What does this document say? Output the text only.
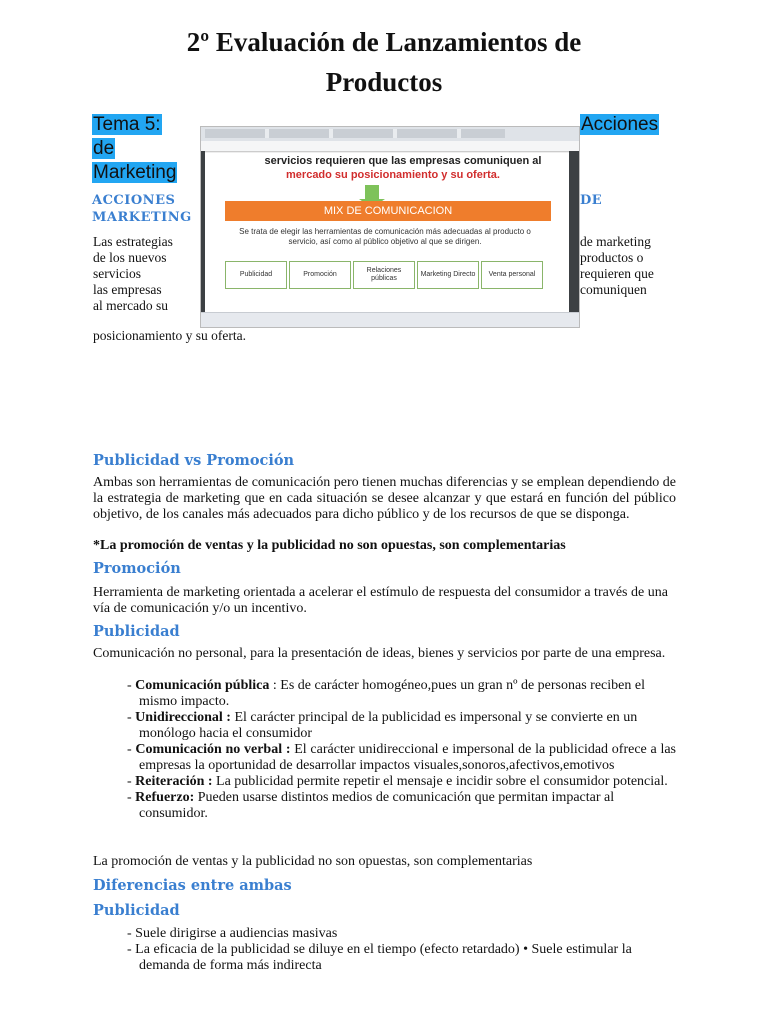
2º Evaluación de Lanzamientos de
Productos
Tema 5:
de
Marketing
Acciones
ACCIONES
MARKETING
DE
Las estrategias
de los nuevos
servicios
las empresas
al mercado su
de marketing
productos o
requieren que
comuniquen
posicionamiento y su oferta.
servicios requieren que las empresas comuniquen al
mercado su posicionamiento y su oferta.
MIX DE COMUNICACION
Se trata de elegir las herramientas de comunicación más adecuadas al producto o servicio, así como al público objetivo al que se dirigen.
Publicidad	Promoción
Relaciones públicas
Marketing Directo	Venta personal
Publicidad vs Promoción
Ambas son herramientas de comunicación pero tienen muchas diferencias y se emplean dependiendo de la estrategia de marketing que en cada situación se desee alcanzar y que estará en función del público objetivo, de los canales más adecuados para dicho público y de los recursos de que se disponga.
*La promoción de ventas y la publicidad no son opuestas, son complementarias
Promoción
Herramienta de marketing orientada a acelerar el estímulo de respuesta del consumidor a través de una vía de comunicación y/o un incentivo.
Publicidad
Comunicación no personal, para la presentación de ideas, bienes y servicios por parte de una empresa.
- Comunicación pública : Es de carácter homogéneo,pues un gran nº de personas reciben el mismo impacto.
- Unidireccional : El carácter principal de la publicidad es impersonal y se convierte en un monólogo hacia el consumidor
- Comunicación no verbal : El carácter unidireccional e impersonal de la publicidad ofrece a las empresas la oportunidad de desarrollar impactos visuales,sonoros,afectivos,emotivos
- Reiteración : La publicidad permite repetir el mensaje e incidir sobre el consumidor potencial.
- Refuerzo: Pueden usarse distintos medios de comunicación que permitan impactar al consumidor.
La promoción de ventas y la publicidad no son opuestas, son complementarias
Diferencias entre ambas
Publicidad
- Suele dirigirse a audiencias masivas
- La eficacia de la publicidad se diluye en el tiempo (efecto retardado) • Suele estimular la demanda de forma más indirecta
